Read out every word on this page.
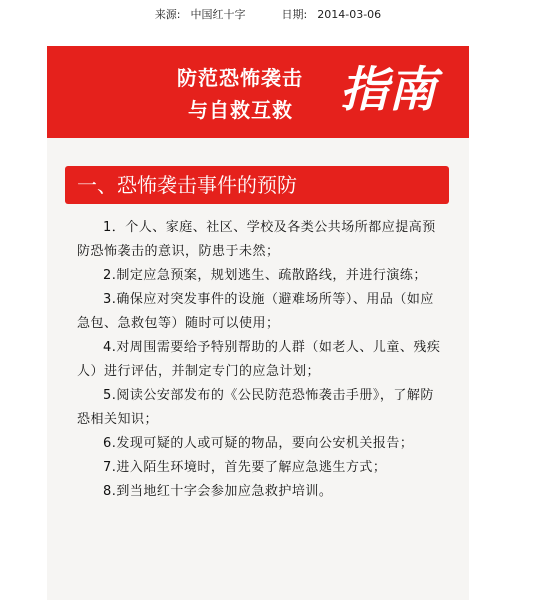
来源: 中国红十字	日期: 2014-03-06
防范恐怖袭击
与自救互救 指南
一、恐怖袭击事件的预防
1．个人、家庭、社区、学校及各类公共场所都应提高预防恐怖袭击的意识，防患于未然；
2.制定应急预案，规划逃生、疏散路线，并进行演练；
3.确保应对突发事件的设施（避难场所等）、用品（如应急包、急救包等）随时可以使用；
4.对周围需要给予特别帮助的人群（如老人、儿童、残疾人）进行评估，并制定专门的应急计划；
5.阅读公安部发布的《公民防范恐怖袭击手册》，了解防恐相关知识；
6.发现可疑的人或可疑的物品，要向公安机关报告；
7.进入陌生环境时，首先要了解应急逃生方式；
8.到当地红十字会参加应急救护培训。
